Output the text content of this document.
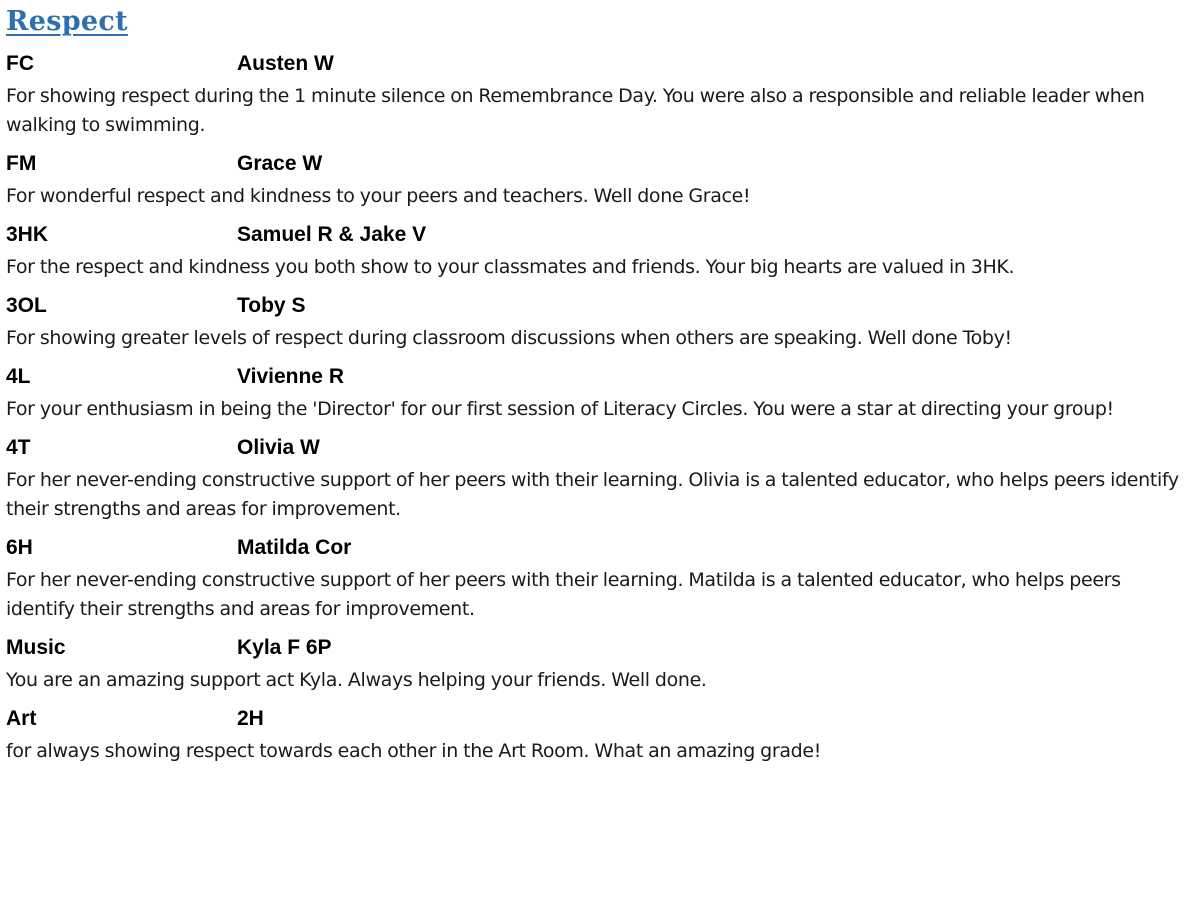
Respect
FC	Austen W

For showing respect during the 1 minute silence on Remembrance Day. You were also a responsible and reliable leader when walking to swimming.

FM	Grace W

For wonderful respect and kindness to your peers and teachers. Well done Grace!

3HK	Samuel R & Jake V

For the respect and kindness you both show to your classmates and friends. Your big hearts are valued in 3HK.

3OL	Toby S

For showing greater levels of respect during classroom discussions when others are speaking. Well done Toby!

4L	Vivienne R

For your enthusiasm in being the 'Director' for our first session of Literacy Circles. You were a star at directing your group!

4T	Olivia W

For her never-ending constructive support of her peers with their learning. Olivia is a talented educator, who helps peers identify their strengths and areas for improvement.

6H	Matilda Cor

For her never-ending constructive support of her peers with their learning. Matilda is a talented educator, who helps peers identify their strengths and areas for improvement.

Music	Kyla F 6P

You are an amazing support act Kyla. Always helping your friends. Well done.

Art	2H

for always showing respect towards each other in the Art Room. What an amazing grade!
